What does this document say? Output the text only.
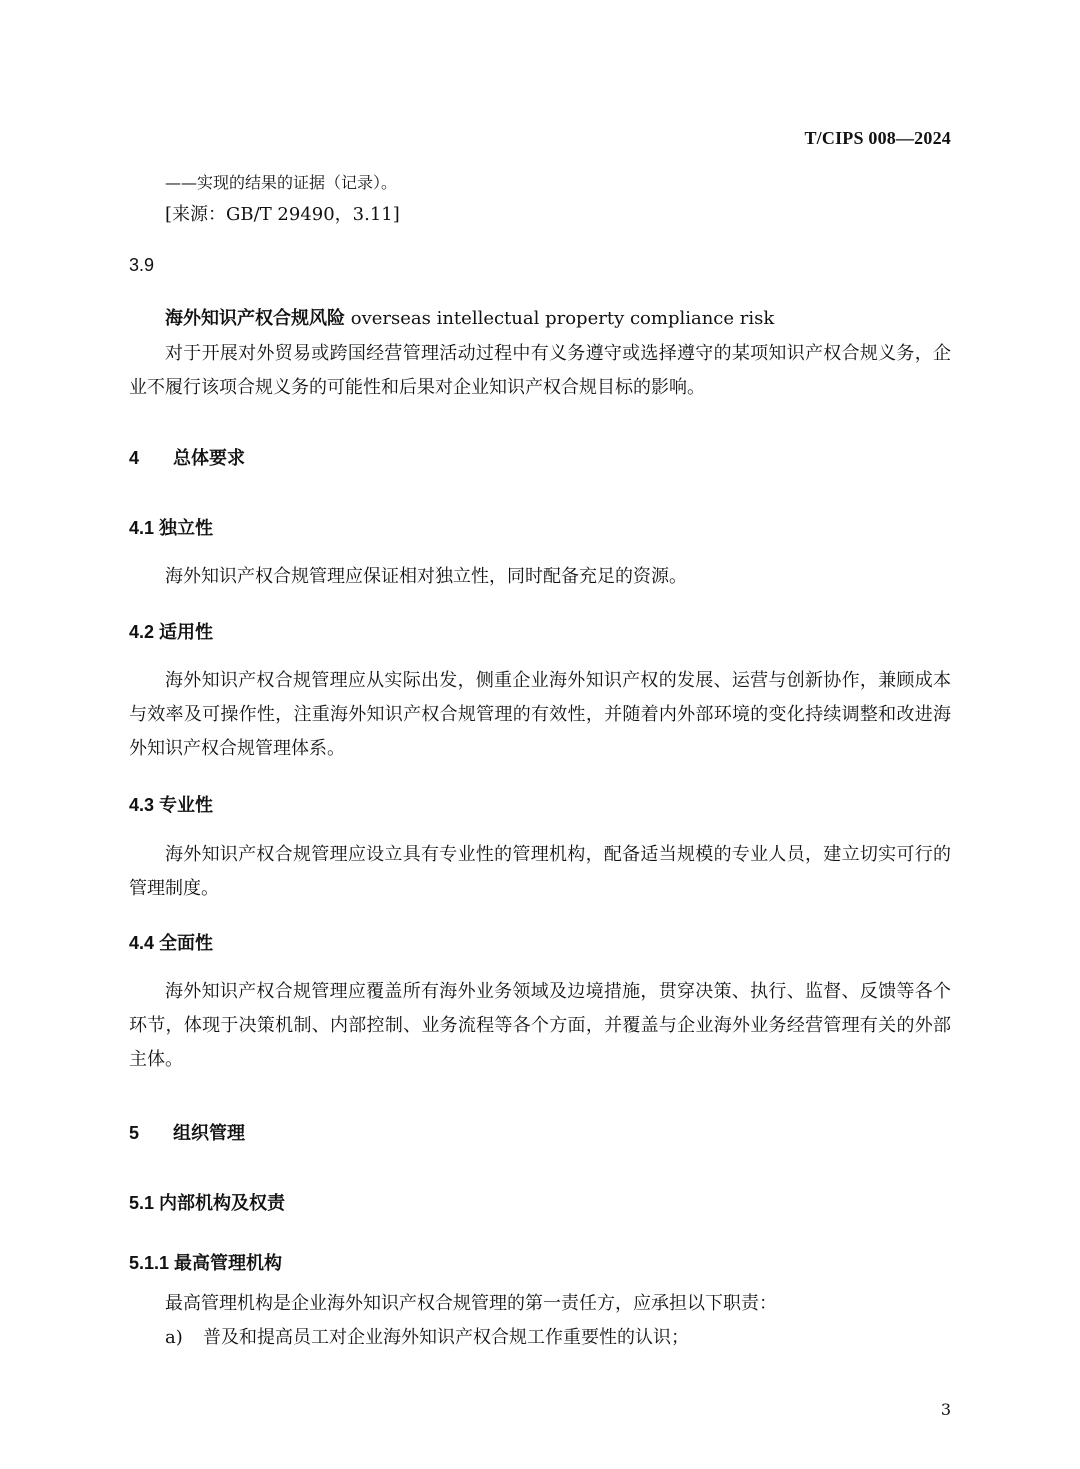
T/CIPS 008—2024
——实现的结果的证据（记录）。
[来源：GB/T 29490，3.11]
3.9
海外知识产权合规风险 overseas intellectual property compliance risk
对于开展对外贸易或跨国经营管理活动过程中有义务遵守或选择遵守的某项知识产权合规义务，企业不履行该项合规义务的可能性和后果对企业知识产权合规目标的影响。
4 总体要求
4.1 独立性
海外知识产权合规管理应保证相对独立性，同时配备充足的资源。
4.2 适用性
海外知识产权合规管理应从实际出发，侧重企业海外知识产权的发展、运营与创新协作，兼顾成本与效率及可操作性，注重海外知识产权合规管理的有效性，并随着内外部环境的变化持续调整和改进海外知识产权合规管理体系。
4.3 专业性
海外知识产权合规管理应设立具有专业性的管理机构，配备适当规模的专业人员，建立切实可行的管理制度。
4.4 全面性
海外知识产权合规管理应覆盖所有海外业务领域及边境措施，贯穿决策、执行、监督、反馈等各个环节，体现于决策机制、内部控制、业务流程等各个方面，并覆盖与企业海外业务经营管理有关的外部主体。
5 组织管理
5.1 内部机构及权责
5.1.1 最高管理机构
最高管理机构是企业海外知识产权合规管理的第一责任方，应承担以下职责：
a) 普及和提高员工对企业海外知识产权合规工作重要性的认识；
3
